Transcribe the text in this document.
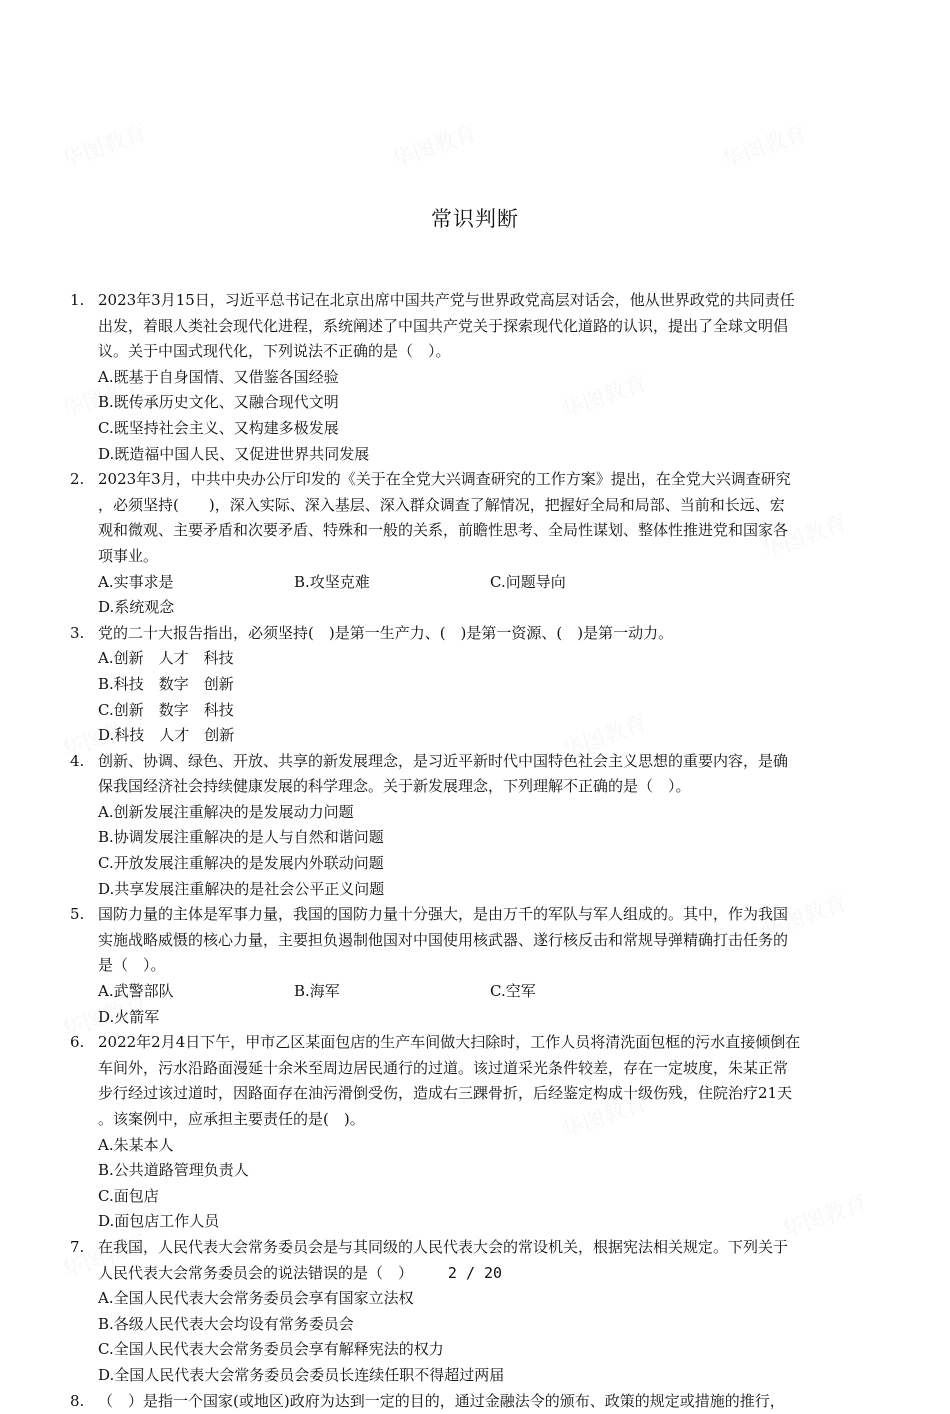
常识判断
1. 2023年3月15日，习近平总书记在北京出席中国共产党与世界政党高层对话会，他从世界政党的共同责任
出发，着眼人类社会现代化进程，系统阐述了中国共产党关于探索现代化道路的认识，提出了全球文明倡
议。关于中国式现代化，下列说法不正确的是（　）。
A.既基于自身国情、又借鉴各国经验
B.既传承历史文化、又融合现代文明
C.既坚持社会主义、又构建多极发展
D.既造福中国人民、又促进世界共同发展
2. 2023年3月，中共中央办公厅印发的《关于在全党大兴调查研究的工作方案》提出，在全党大兴调查研究
，必须坚持(　　)，深入实际、深入基层、深入群众调查了解情况，把握好全局和局部、当前和长远、宏
观和微观、主要矛盾和次要矛盾、特殊和一般的关系，前瞻性思考、全局性谋划、整体性推进党和国家各
项事业。
A.实事求是	B.攻坚克难	C.问题导向
D.系统观念
3. 党的二十大报告指出，必须坚持(　)是第一生产力、(　)是第一资源、(　)是第一动力。
A.创新　人才　科技
B.科技　数字　创新
C.创新　数字　科技
D.科技　人才　创新
4. 创新、协调、绿色、开放、共享的新发展理念，是习近平新时代中国特色社会主义思想的重要内容，是确
保我国经济社会持续健康发展的科学理念。关于新发展理念，下列理解不正确的是（　）。
A.创新发展注重解决的是发展动力问题
B.协调发展注重解决的是人与自然和谐问题
C.开放发展注重解决的是发展内外联动问题
D.共享发展注重解决的是社会公平正义问题
5. 国防力量的主体是军事力量，我国的国防力量十分强大，是由万千的军队与军人组成的。其中，作为我国
实施战略威慑的核心力量，主要担负遏制他国对中国使用核武器、遂行核反击和常规导弹精确打击任务的
是（　）。
A.武警部队	B.海军	C.空军
D.火箭军
6. 2022年2月4日下午，甲市乙区某面包店的生产车间做大扫除时，工作人员将清洗面包框的污水直接倾倒在
车间外，污水沿路面漫延十余米至周边居民通行的过道。该过道采光条件较差，存在一定坡度，朱某正常
步行经过该过道时，因路面存在油污滑倒受伤，造成右三踝骨折，后经鉴定构成十级伤残，住院治疗21天
。该案例中，应承担主要责任的是(　)。
A.朱某本人
B.公共道路管理负责人
C.面包店
D.面包店工作人员
7. 在我国，人民代表大会常务委员会是与其同级的人民代表大会的常设机关，根据宪法相关规定。下列关于
人民代表大会常务委员会的说法错误的是（　）
A.全国人民代表大会常务委员会享有国家立法权
B.各级人民代表大会均设有常务委员会
C.全国人民代表大会常务委员会享有解释宪法的权力
D.全国人民代表大会常务委员会委员长连续任职不得超过两届
8. （　）是指一个国家(或地区)政府为达到一定的目的，通过金融法令的颁布、政策的规定或措施的推行，
2 / 20
